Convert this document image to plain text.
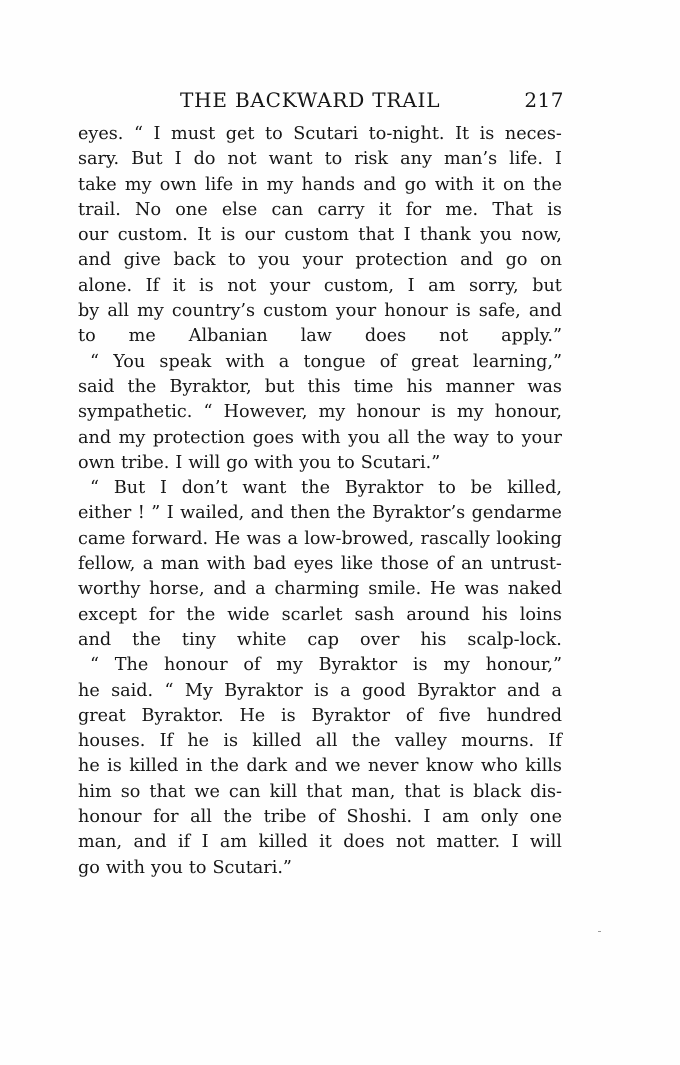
THE BACKWARD TRAIL	217
eyes. “ I must get to Scutari to-night. It is neces-
sary. But I do not want to risk any man’s life. I
take my own life in my hands and go with it on the
trail. No one else can carry it for me. That is
our custom. It is our custom that I thank you now,
and give back to you your protection and go on
alone. If it is not your custom, I am sorry, but
by all my country’s custom your honour is safe, and
to me Albanian law does not apply.”
“ You speak with a tongue of great learning,”
said the Byraktor, but this time his manner was
sympathetic. “ However, my honour is my honour,
and my protection goes with you all the way to your
own tribe. I will go with you to Scutari.”
“ But I don’t want the Byraktor to be killed,
either ! ” I wailed, and then the Byraktor’s gendarme
came forward. He was a low-browed, rascally looking
fellow, a man with bad eyes like those of an untrust-
worthy horse, and a charming smile. He was naked
except for the wide scarlet sash around his loins
and the tiny white cap over his scalp-lock.
“ The honour of my Byraktor is my honour,”
he said. “ My Byraktor is a good Byraktor and a
great Byraktor. He is Byraktor of five hundred
houses. If he is killed all the valley mourns. If
he is killed in the dark and we never know who kills
him so that we can kill that man, that is black dis-
honour for all the tribe of Shoshi. I am only one
man, and if I am killed it does not matter. I will
go with you to Scutari.”
